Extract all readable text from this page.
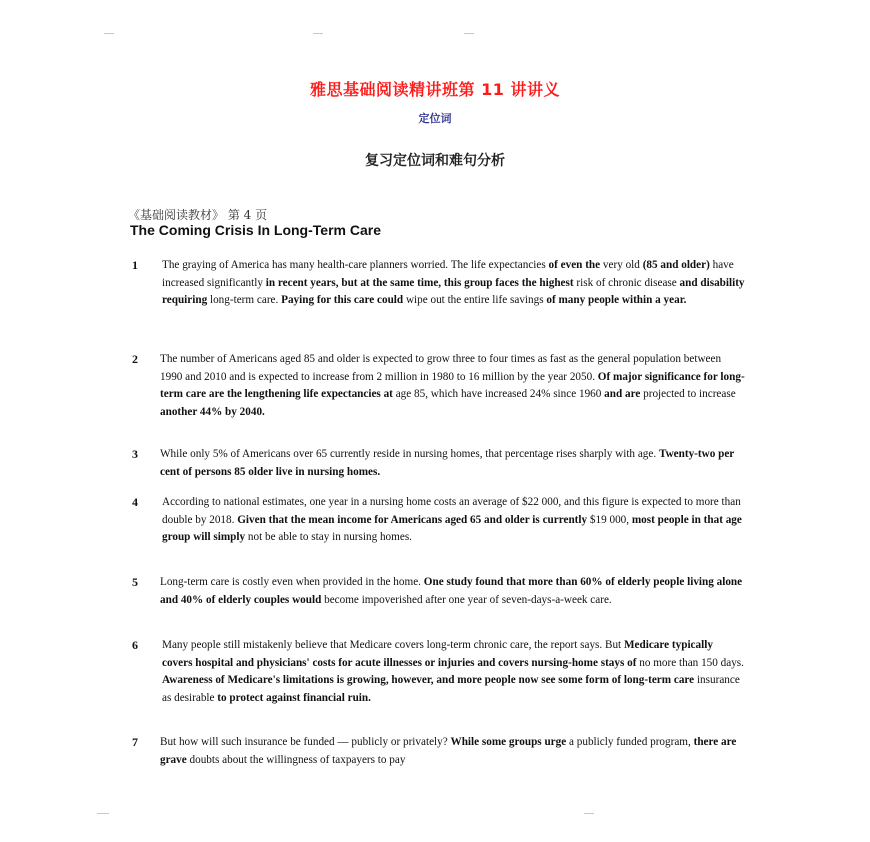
雅思基础阅读精讲班第 11 讲讲义
定位词
复习定位词和难句分析
《基础阅读教材》 第 4 页
The Coming Crisis In Long-Term Care
1 The graying of America has many health-care planners worried. The life expectancies of even the very old (85 and older) have increased significantly in recent years, but at the same time, this group faces the highest risk of chronic disease and disability requiring long-term care. Paying for this care could wipe out the entire life savings of many people within a year.
2 The number of Americans aged 85 and older is expected to grow three to four times as fast as the general population between 1990 and 2010 and is expected to increase from 2 million in 1980 to 16 million by the year 2050. Of major significance for long-term care are the lengthening life expectancies at age 85, which have increased 24% since 1960 and are projected to increase another 44% by 2040.
3 While only 5% of Americans over 65 currently reside in nursing homes, that percentage rises sharply with age. Twenty-two per cent of persons 85 older live in nursing homes.
4 According to national estimates, one year in a nursing home costs an average of $22 000, and this figure is expected to more than double by 2018. Given that the mean income for Americans aged 65 and older is currently $19 000, most people in that age group will simply not be able to stay in nursing homes.
5 Long-term care is costly even when provided in the home. One study found that more than 60% of elderly people living alone and 40% of elderly couples would become impoverished after one year of seven-days-a-week care.
6 Many people still mistakenly believe that Medicare covers long-term chronic care, the report says. But Medicare typically covers hospital and physicians' costs for acute illnesses or injuries and covers nursing-home stays of no more than 150 days. Awareness of Medicare's limitations is growing, however, and more people now see some form of long-term care insurance as desirable to protect against financial ruin.
7 But how will such insurance be funded — publicly or privately? While some groups urge a publicly funded program, there are grave doubts about the willingness of taxpayers to pay
